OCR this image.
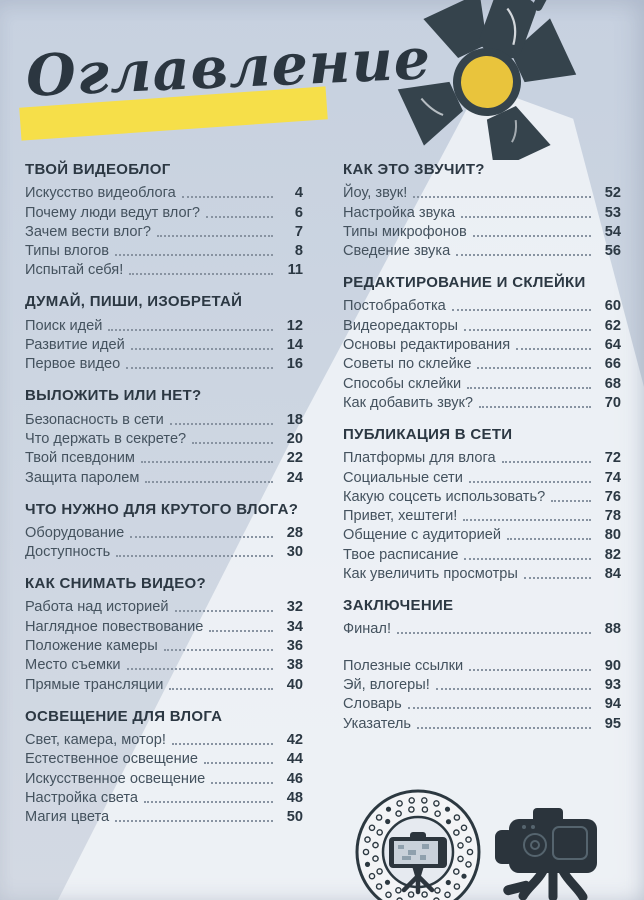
Оглавление
ТВОЙ ВИДЕОБЛОГ
Искусство видеоблога	4
Почему люди ведут влог?	6
Зачем вести влог?	7
Типы влогов	8
Испытай себя!	11
ДУМАЙ, ПИШИ, ИЗОБРЕТАЙ
Поиск идей	12
Развитие идей	14
Первое видео	16
ВЫЛОЖИТЬ ИЛИ НЕТ?
Безопасность в сети	18
Что держать в секрете?	20
Твой псевдоним	22
Защита паролем	24
ЧТО НУЖНО ДЛЯ КРУТОГО ВЛОГА?
Оборудование	28
Доступность	30
КАК СНИМАТЬ ВИДЕО?
Работа над историей	32
Наглядное повествование	34
Положение камеры	36
Место съемки	38
Прямые трансляции	40
ОСВЕЩЕНИЕ ДЛЯ ВЛОГА
Свет, камера, мотор!	42
Естественное освещение	44
Искусственное освещение	46
Настройка света	48
Магия цвета	50
КАК ЭТО ЗВУЧИТ?
Йоу, звук!	52
Настройка звука	53
Типы микрофонов	54
Сведение звука	56
РЕДАКТИРОВАНИЕ И СКЛЕЙКИ
Постобработка	60
Видеоредакторы	62
Основы редактирования	64
Советы по склейке	66
Способы склейки	68
Как добавить звук?	70
ПУБЛИКАЦИЯ В СЕТИ
Платформы для влога	72
Социальные сети	74
Какую соцсеть использовать?	76
Привет, хештеги!	78
Общение с аудиторией	80
Твое расписание	82
Как увеличить просмотры	84
ЗАКЛЮЧЕНИЕ
Финал!	88
Полезные ссылки	90
Эй, влогеры!	93
Словарь	94
Указатель	95
